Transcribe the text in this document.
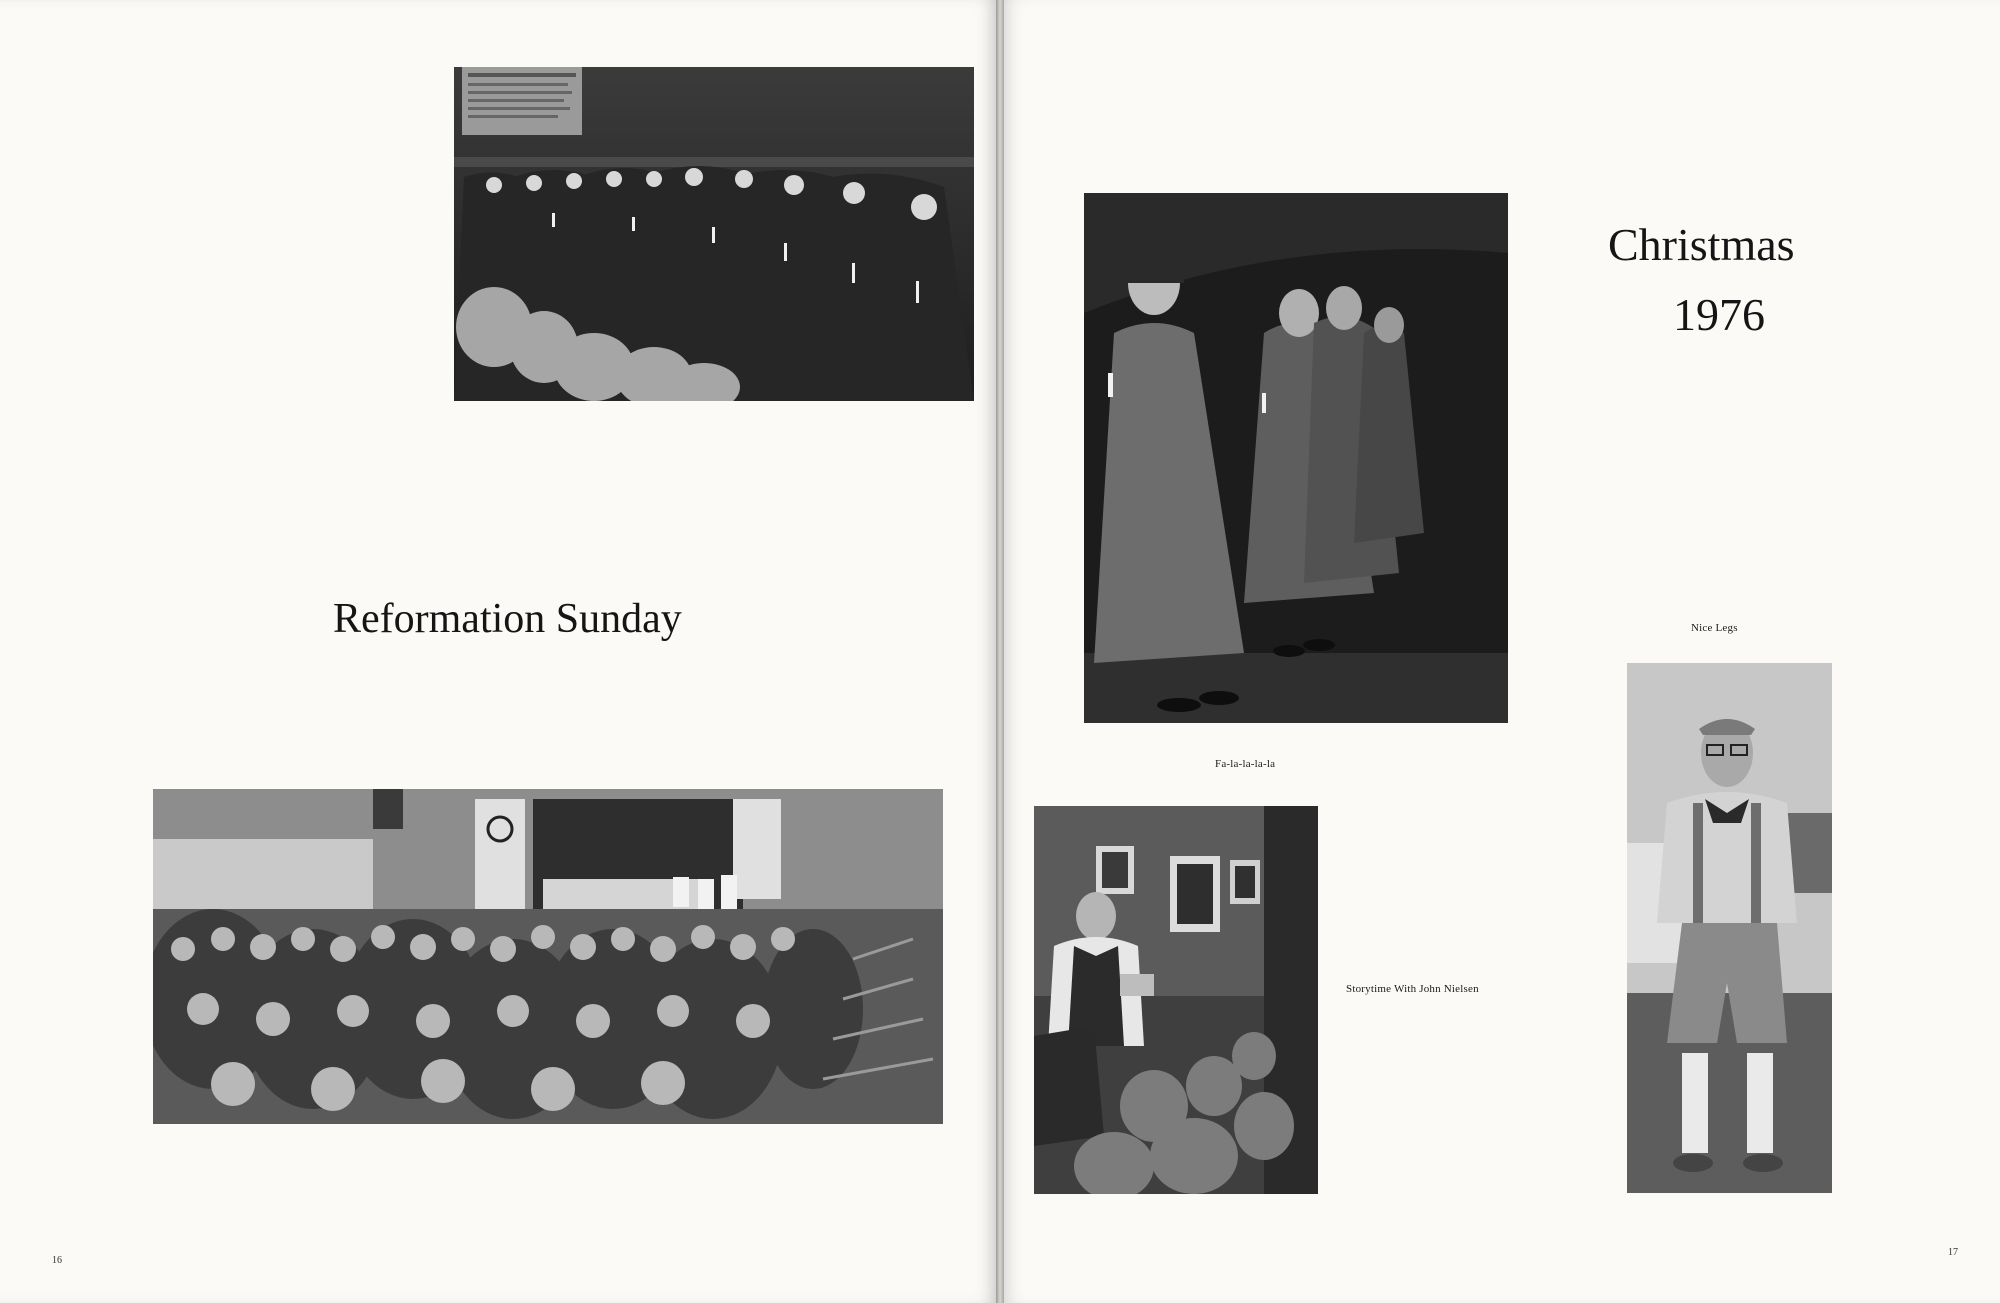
Reformation Sunday
16
Fa-la-la-la-la
Christmas
1976
Nice Legs
Storytime With John Nielsen
17
